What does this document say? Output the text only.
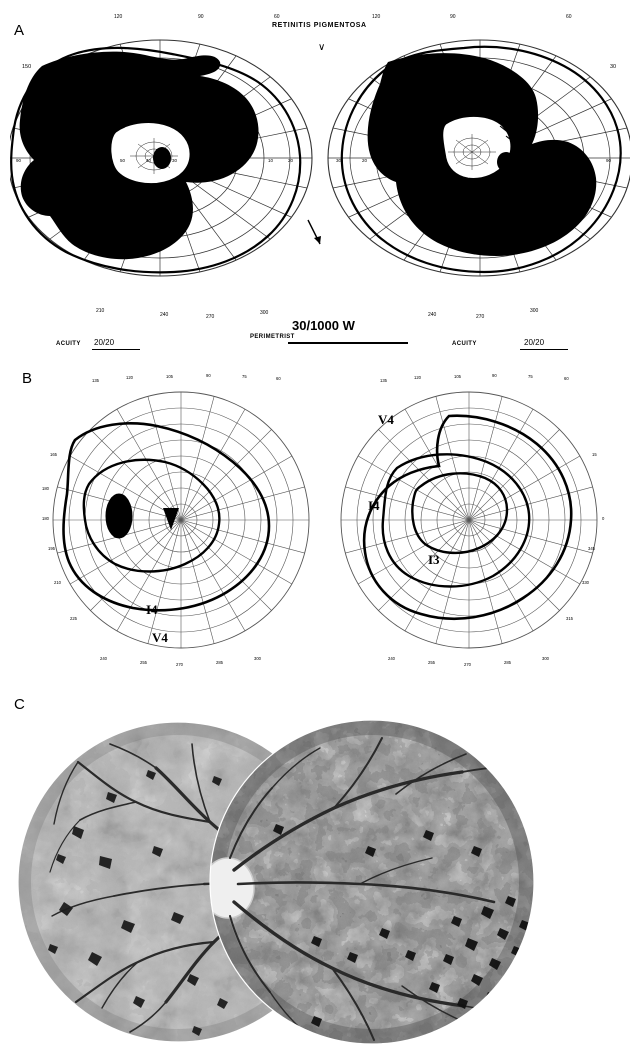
A
B
C
90	80	70	60	50	40	30	20	10	10	20	30	20	10	50	60	70	80	90
120	90	60	120	90	60
150	30
210
240	270
300	240	270
300
RETINITIS PIGMENTOSA
∨
30/1000 W
PERIMETRIST
ACUITY 20/20	ACUITY	20/20
135
120	105	90	75	60	135
120	105	90	75	60
165
180
180
195
210
225
15
0
345
330
315
240
255	270	285
300	240
255	270	285
300
I4
V4
V4
I4
I3
